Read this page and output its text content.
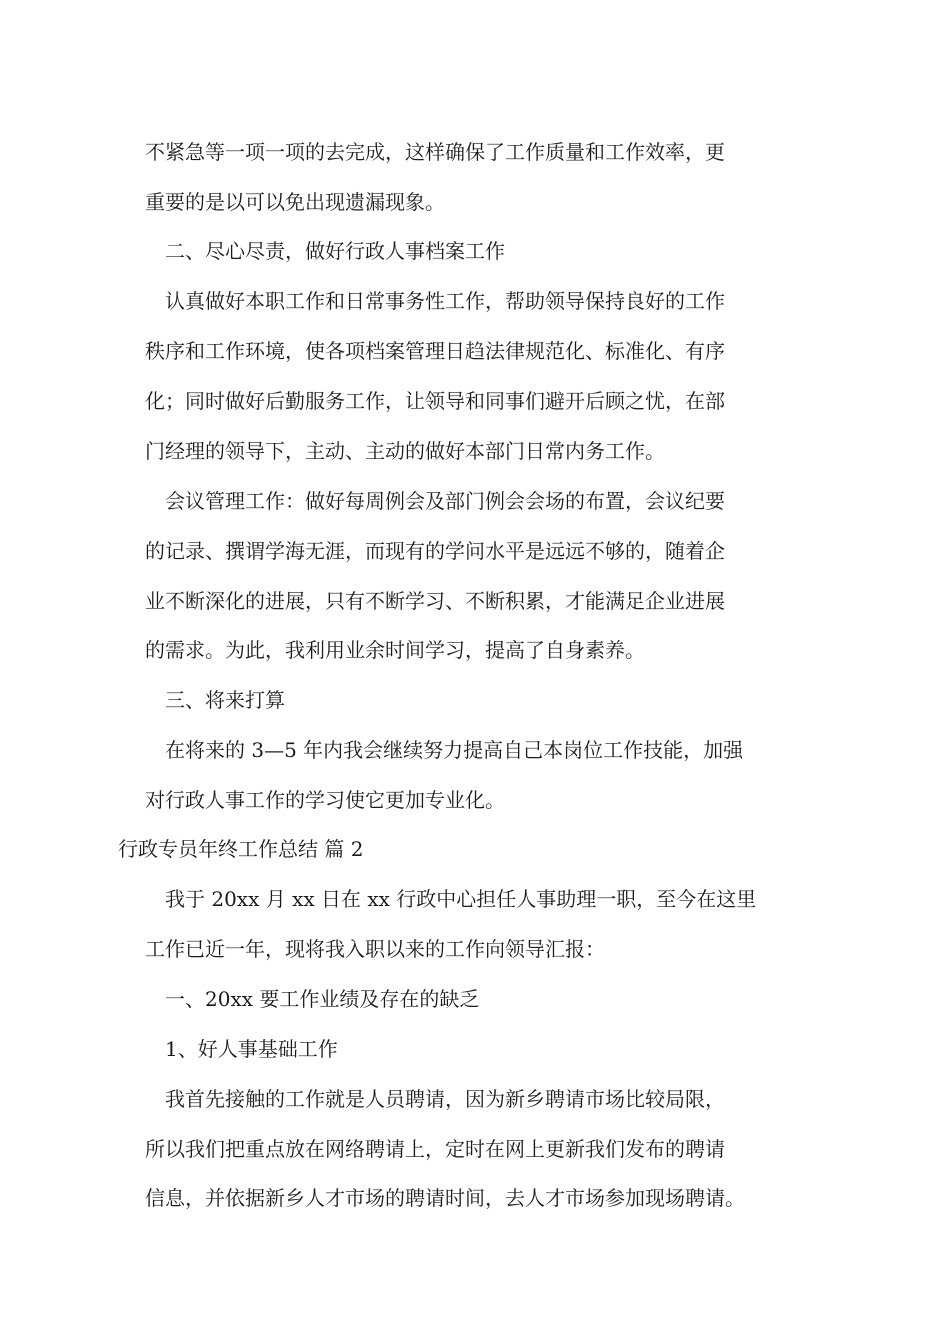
不紧急等一项一项的去完成，这样确保了工作质量和工作效率，更
重要的是以可以免出现遗漏现象。
二、尽心尽责，做好行政人事档案工作
认真做好本职工作和日常事务性工作，帮助领导保持良好的工作
秩序和工作环境，使各项档案管理日趋法律规范化、标准化、有序
化；同时做好后勤服务工作，让领导和同事们避开后顾之忧，在部
门经理的领导下，主动、主动的做好本部门日常内务工作。
会议管理工作：做好每周例会及部门例会会场的布置，会议纪要
的记录、撰谓学海无涯，而现有的学问水平是远远不够的，随着企
业不断深化的进展，只有不断学习、不断积累，才能满足企业进展
的需求。为此，我利用业余时间学习，提高了自身素养。
三、将来打算
在将来的 3—5 年内我会继续努力提高自己本岗位工作技能，加强
对行政人事工作的学习使它更加专业化。
行政专员年终工作总结 篇 2
我于 20xx 月 xx 日在 xx 行政中心担任人事助理一职，至今在这里
工作已近一年，现将我入职以来的工作向领导汇报：
一、20xx 要工作业绩及存在的缺乏
1、好人事基础工作
我首先接触的工作就是人员聘请，因为新乡聘请市场比较局限，
所以我们把重点放在网络聘请上，定时在网上更新我们发布的聘请
信息，并依据新乡人才市场的聘请时间，去人才市场参加现场聘请。
